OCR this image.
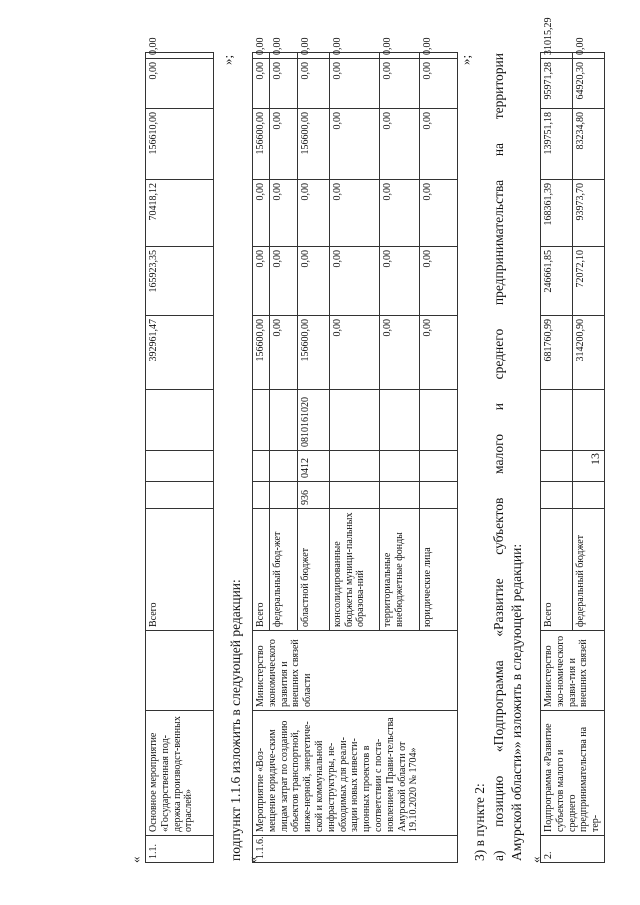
«
1.1.	Основное мероприятие «Государственная под-держка производст-венных отраслей»		Всего				392961,47	165923,35	70418,12	156610,00	0,00	0,00
»;
подпункт 1.1.6 изложить в следующей редакции: «
1.1.6.	Мероприятие «Воз-мещение юридиче-ским лицам затрат по созданию объектов транспортной, инже-нерной, энергетиче-ской и коммунальной инфраструктуры, не-обходимых для реали-зации новых инвести-ционных проектов в соответствии с поста-новлением Прави-тельства Амурской области от 19.10.2020 № 1704»	Министерство экономического развития и внешних связей области	Всего				156600,00	0,00	0,00	156600,00	0,00	0,00
			федеральный бюд-жет				0,00	0,00	0,00	0,00	0,00	0,00
			областной бюджет	936	0412	0810161020	156600,00	0,00	0,00	156600,00	0,00	0,00
			консолидированные бюджеты муници-пальных образова-ний				0,00	0,00	0,00	0,00	0,00	0,00
			территориальные внебюджетные фонды				0,00	0,00	0,00	0,00	0,00	0,00
			юридические лица				0,00	0,00	0,00	0,00	0,00	0,00
»;
3) в пункте 2: а) позицию «Подпрограмма «Развитие субъектов малого и среднего предпринимательства на территории Амурской области»» изложить в следующей редакции: «
2.	Подпрограмма «Развитие субъектов малого и среднего предпринимательства на тер-	Министерство эко-номического разви-тия и внешних связей	Всего				681760,99	246661,85	168361,39	139751,18	95971,28	31015,29
			федеральный бюджет				314200,90	72072,10	93973,70	83234,80	64920,30	0,00
13
